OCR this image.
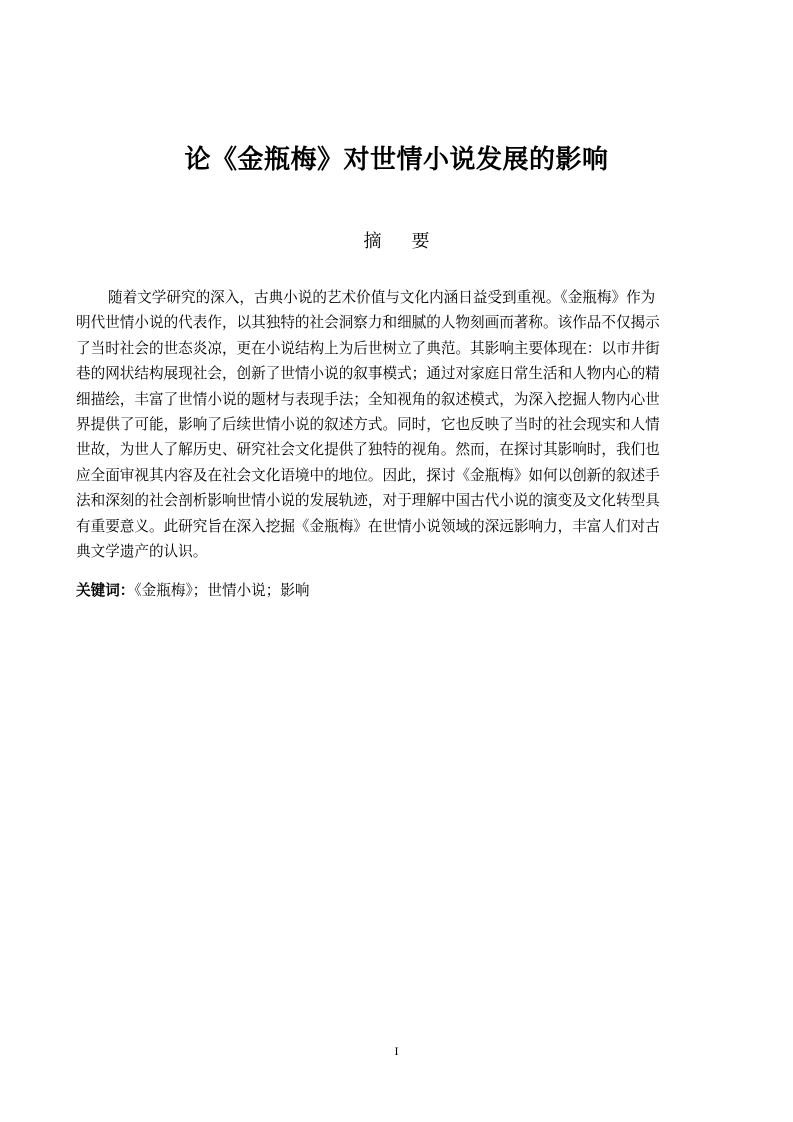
论《金瓶梅》对世情小说发展的影响
摘要
随着文学研究的深入，古典小说的艺术价值与文化内涵日益受到重视。《金瓶梅》作为
明代世情小说的代表作，以其独特的社会洞察力和细腻的人物刻画而著称。该作品不仅揭示
了当时社会的世态炎凉，更在小说结构上为后世树立了典范。其影响主要体现在：以市井街
巷的网状结构展现社会，创新了世情小说的叙事模式；通过对家庭日常生活和人物内心的精
细描绘，丰富了世情小说的题材与表现手法；全知视角的叙述模式，为深入挖掘人物内心世
界提供了可能，影响了后续世情小说的叙述方式。同时，它也反映了当时的社会现实和人情
世故，为世人了解历史、研究社会文化提供了独特的视角。然而，在探讨其影响时，我们也
应全面审视其内容及在社会文化语境中的地位。因此，探讨《金瓶梅》如何以创新的叙述手
法和深刻的社会剖析影响世情小说的发展轨迹，对于理解中国古代小说的演变及文化转型具
有重要意义。此研究旨在深入挖掘《金瓶梅》在世情小说领域的深远影响力，丰富人们对古
典文学遗产的认识。
关键词：《金瓶梅》；世情小说；影响
I
